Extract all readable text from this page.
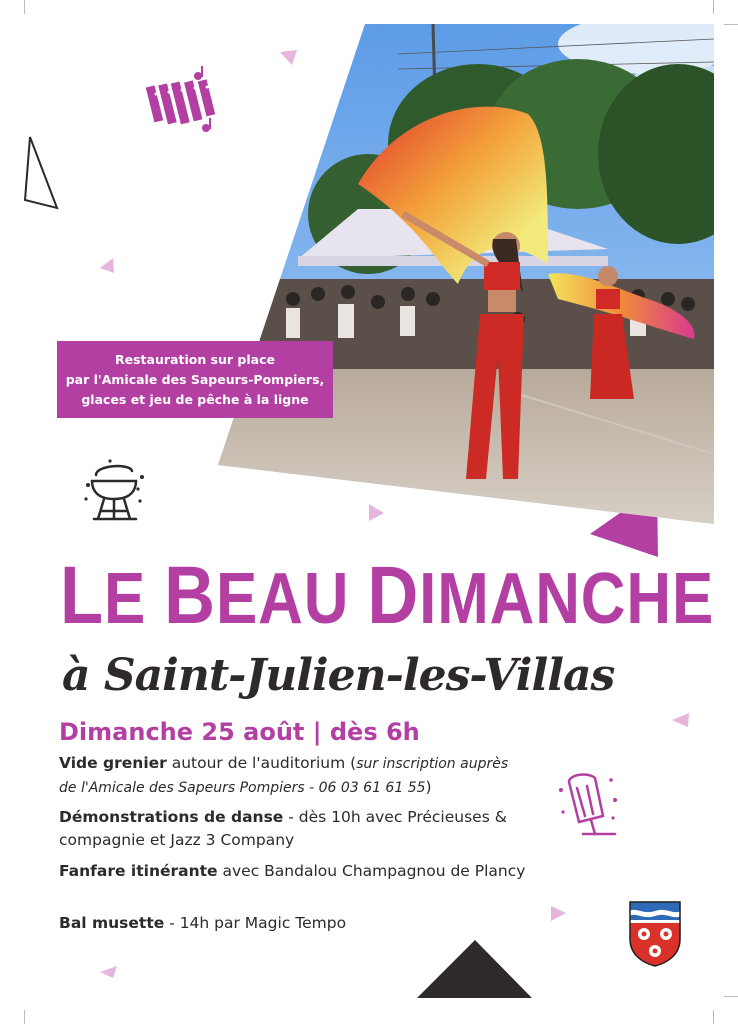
Restauration sur place
par l'Amicale des Sapeurs-Pompiers,
glaces et jeu de pêche à la ligne
LE BEAU DIMANCHE
à Saint-Julien-les-Villas
Dimanche 25 août | dès 6h
Vide grenier autour de l'auditorium (sur inscription auprès de l'Amicale des Sapeurs Pompiers - 06 03 61 61 55)
Démonstrations de danse - dès 10h avec Précieuses & compagnie et Jazz 3 Company
Fanfare itinérante avec Bandalou Champagnou de Plancy
Bal musette - 14h par Magic Tempo
